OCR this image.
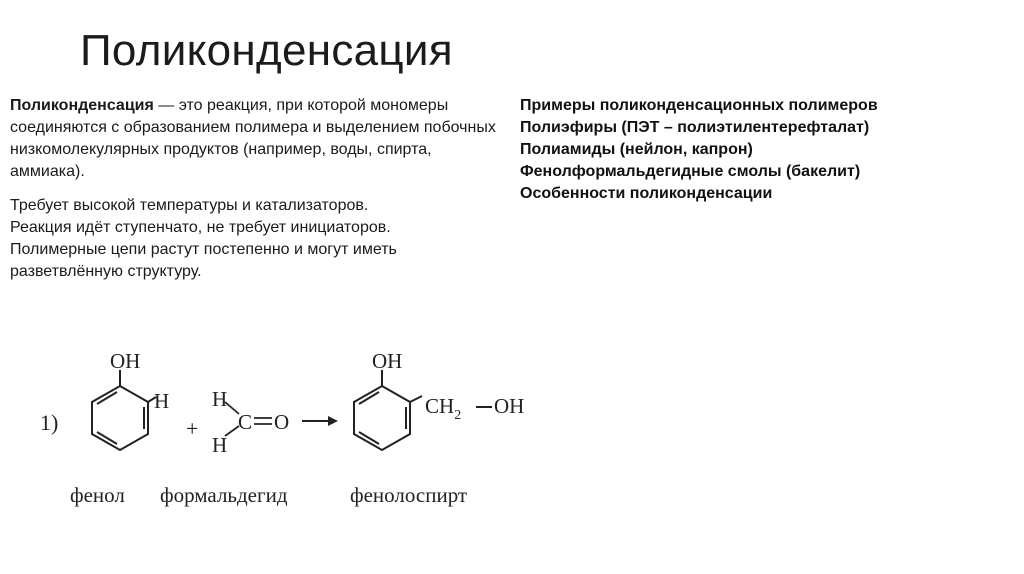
Поликонденсация

Поликонденсация — это реакция, при которой мономеры соединяются с образованием полимера и выделением побочных низкомолекулярных продуктов (например, воды, спирта, аммиака).

Требует высокой температуры и катализаторов.
Реакция идёт ступенчато, не требует инициаторов.
Полимерные цепи растут постепенно и могут иметь разветвлённую структуру.

Примеры поликонденсационных полимеров
Полиэфиры (ПЭТ – полиэтилентерефталат)
Полиамиды (нейлон, капрон)
Фенолформальдегидные смолы (бакелит)
Особенности поликонденсации
1)
OH
H
+
H
H
C O
OH
$CH_2$ OH
фенол формальдегид	фенолоспирт
